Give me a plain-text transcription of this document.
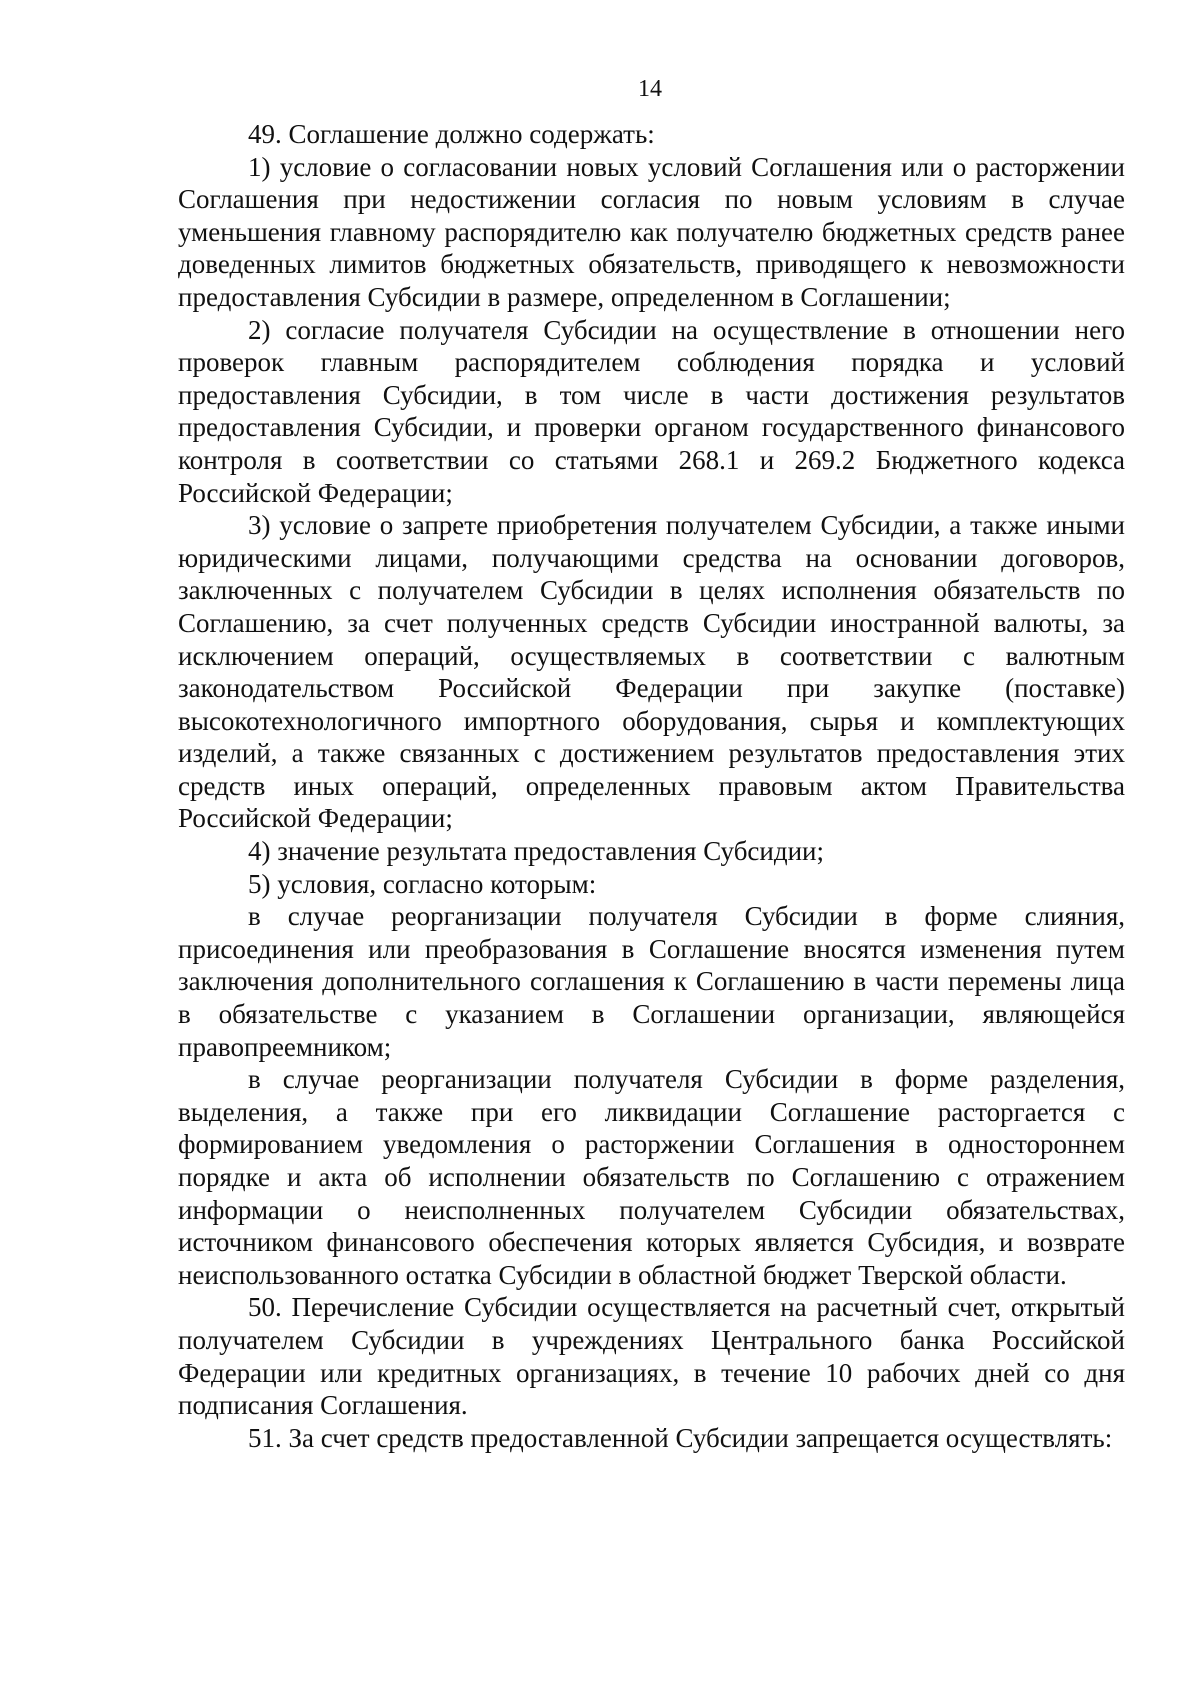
14

49. Соглашение должно содержать:

1) условие о согласовании новых условий Соглашения или о расторжении Соглашения при недостижении согласия по новым условиям в случае уменьшения главному распорядителю как получателю бюджетных средств ранее доведенных лимитов бюджетных обязательств, приводящего к невозможности предоставления Субсидии в размере, определенном в Соглашении;

2) согласие получателя Субсидии на осуществление в отношении него проверок главным распорядителем соблюдения порядка и условий предоставления Субсидии, в том числе в части достижения результатов предоставления Субсидии, и проверки органом государственного финансового контроля в соответствии со статьями 268.1 и 269.2 Бюджетного кодекса Российской Федерации;

3) условие о запрете приобретения получателем Субсидии, а также иными юридическими лицами, получающими средства на основании договоров, заключенных с получателем Субсидии в целях исполнения обязательств по Соглашению, за счет полученных средств Субсидии иностранной валюты, за исключением операций, осуществляемых в соответствии с валютным законодательством Российской Федерации при закупке (поставке) высокотехнологичного импортного оборудования, сырья и комплектующих изделий, а также связанных с достижением результатов предоставления этих средств иных операций, определенных правовым актом Правительства Российской Федерации;

4) значение результата предоставления Субсидии;

5) условия, согласно которым:

в случае реорганизации получателя Субсидии в форме слияния, присоединения или преобразования в Соглашение вносятся изменения путем заключения дополнительного соглашения к Соглашению в части перемены лица в обязательстве с указанием в Соглашении организации, являющейся правопреемником;

в случае реорганизации получателя Субсидии в форме разделения, выделения, а также при его ликвидации Соглашение расторгается с формированием уведомления о расторжении Соглашения в одностороннем порядке и акта об исполнении обязательств по Соглашению с отражением информации о неисполненных получателем Субсидии обязательствах, источником финансового обеспечения которых является Субсидия, и возврате неиспользованного остатка Субсидии в областной бюджет Тверской области.

50. Перечисление Субсидии осуществляется на расчетный счет, открытый получателем Субсидии в учреждениях Центрального банка Российской Федерации или кредитных организациях, в течение 10 рабочих дней со дня подписания Соглашения.

51. За счет средств предоставленной Субсидии запрещается осуществлять:
